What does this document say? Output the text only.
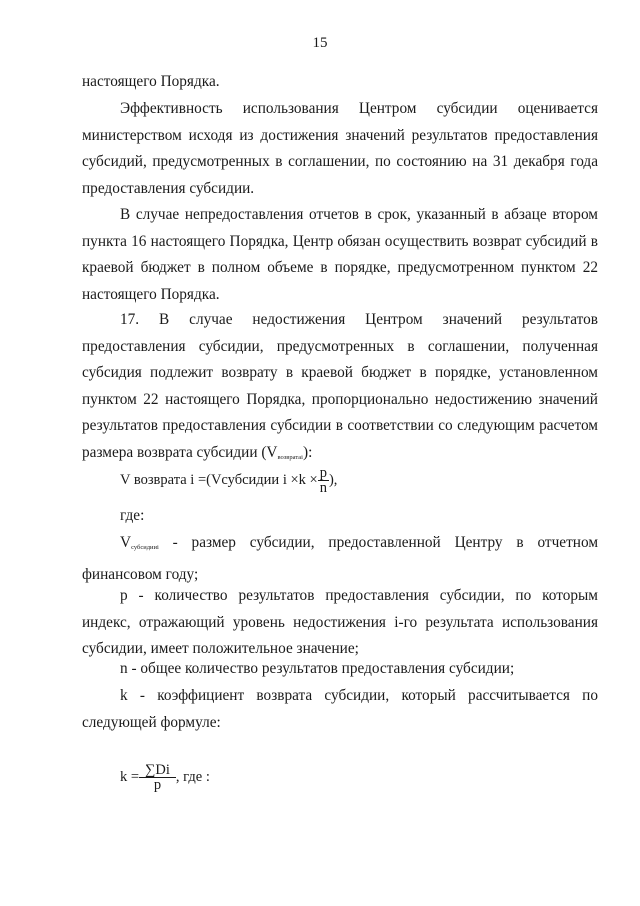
15

настоящего Порядка.

Эффективность использования Центром субсидии оценивается министерством исходя из достижения значений результатов предоставления субсидий, предусмотренных в соглашении, по состоянию на 31 декабря года предоставления субсидии.

В случае непредоставления отчетов в срок, указанный в абзаце втором пункта 16 настоящего Порядка, Центр обязан осуществить возврат субсидий в краевой бюджет в полном объеме в порядке, предусмотренном пунктом 22 настоящего Порядка.

17. В случае недостижения Центром значений результатов предоставления субсидии, предусмотренных в соглашении, полученная субсидия подлежит возврату в краевой бюджет в порядке, установленном пунктом 22 настоящего Порядка, пропорционально недостижению значений результатов предоставления субсидии в соответствии со следующим расчетом размера возврата субсидии $(V_{возвратаi})$:

V возврата i =(Vсубсидии $i \times k \times \frac{p}{n}$ ),

где:

$V_{субсидииi}$ - размер субсидии, предоставленной Центру в отчетном финансовом году;

p - количество результатов предоставления субсидии, по которым индекс, отражающий уровень недостижения i-го результата использования субсидии, имеет положительное значение;

n - общее количество результатов предоставления субсидии;

k - коэффициент возврата субсидии, который рассчитывается по следующей формуле:

$k = \frac{\sum Di}{p}$ , где :
